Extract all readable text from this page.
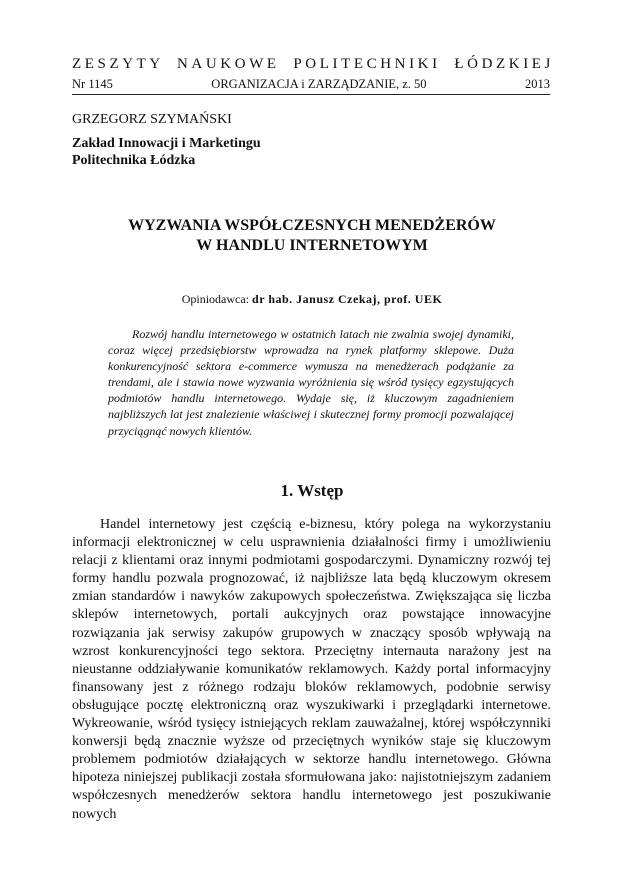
ZESZYTY NAUKOWE POLITECHNIKI ŁÓDZKIEJ
Nr 1145	ORGANIZACJA i ZARZĄDZANIE, z. 50	2013
GRZEGORZ SZYMAŃSKI
Zakład Innowacji i Marketingu
Politechnika Łódzka
WYZWANIA WSPÓŁCZESNYCH MENEDŻERÓW
W HANDLU INTERNETOWYM
Opiniodawca: dr hab. Janusz Czekaj, prof. UEK
Rozwój handlu internetowego w ostatnich latach nie zwalnia swojej dynamiki, coraz więcej przedsiębiorstw wprowadza na rynek platformy sklepowe. Duża konkurencyjność sektora e-commerce wymusza na menedżerach podążanie za trendami, ale i stawia nowe wyzwania wyróżnienia się wśród tysięcy egzystujących podmiotów handlu internetowego. Wydaje się, iż kluczowym zagadnieniem najbliższych lat jest znalezienie właściwej i skutecznej formy promocji pozwalającej przyciągnąć nowych klientów.
1. Wstęp
Handel internetowy jest częścią e-biznesu, który polega na wykorzystaniu informacji elektronicznej w celu usprawnienia działalności firmy i umożliwieniu relacji z klientami oraz innymi podmiotami gospodarczymi. Dynamiczny rozwój tej formy handlu pozwala prognozować, iż najbliższe lata będą kluczowym okresem zmian standardów i nawyków zakupowych społeczeństwa. Zwiększająca się liczba sklepów internetowych, portali aukcyjnych oraz powstające innowacyjne rozwiązania jak serwisy zakupów grupowych w znaczący sposób wpływają na wzrost konkurencyjności tego sektora. Przeciętny internauta narażony jest na nieustanne oddziaływanie komunikatów reklamowych. Każdy portal informacyjny finansowany jest z różnego rodzaju bloków reklamowych, podobnie serwisy obsługujące pocztę elektroniczną oraz wyszukiwarki i przeglądarki internetowe. Wykreowanie, wśród tysięcy istniejących reklam zauważalnej, której współczynniki konwersji będą znacznie wyższe od przeciętnych wyników staje się kluczowym problemem podmiotów działających w sektorze handlu internetowego. Główna hipoteza niniejszej publikacji została sformułowana jako: najistotniejszym zadaniem współczesnych menedżerów sektora handlu internetowego jest poszukiwanie nowych
